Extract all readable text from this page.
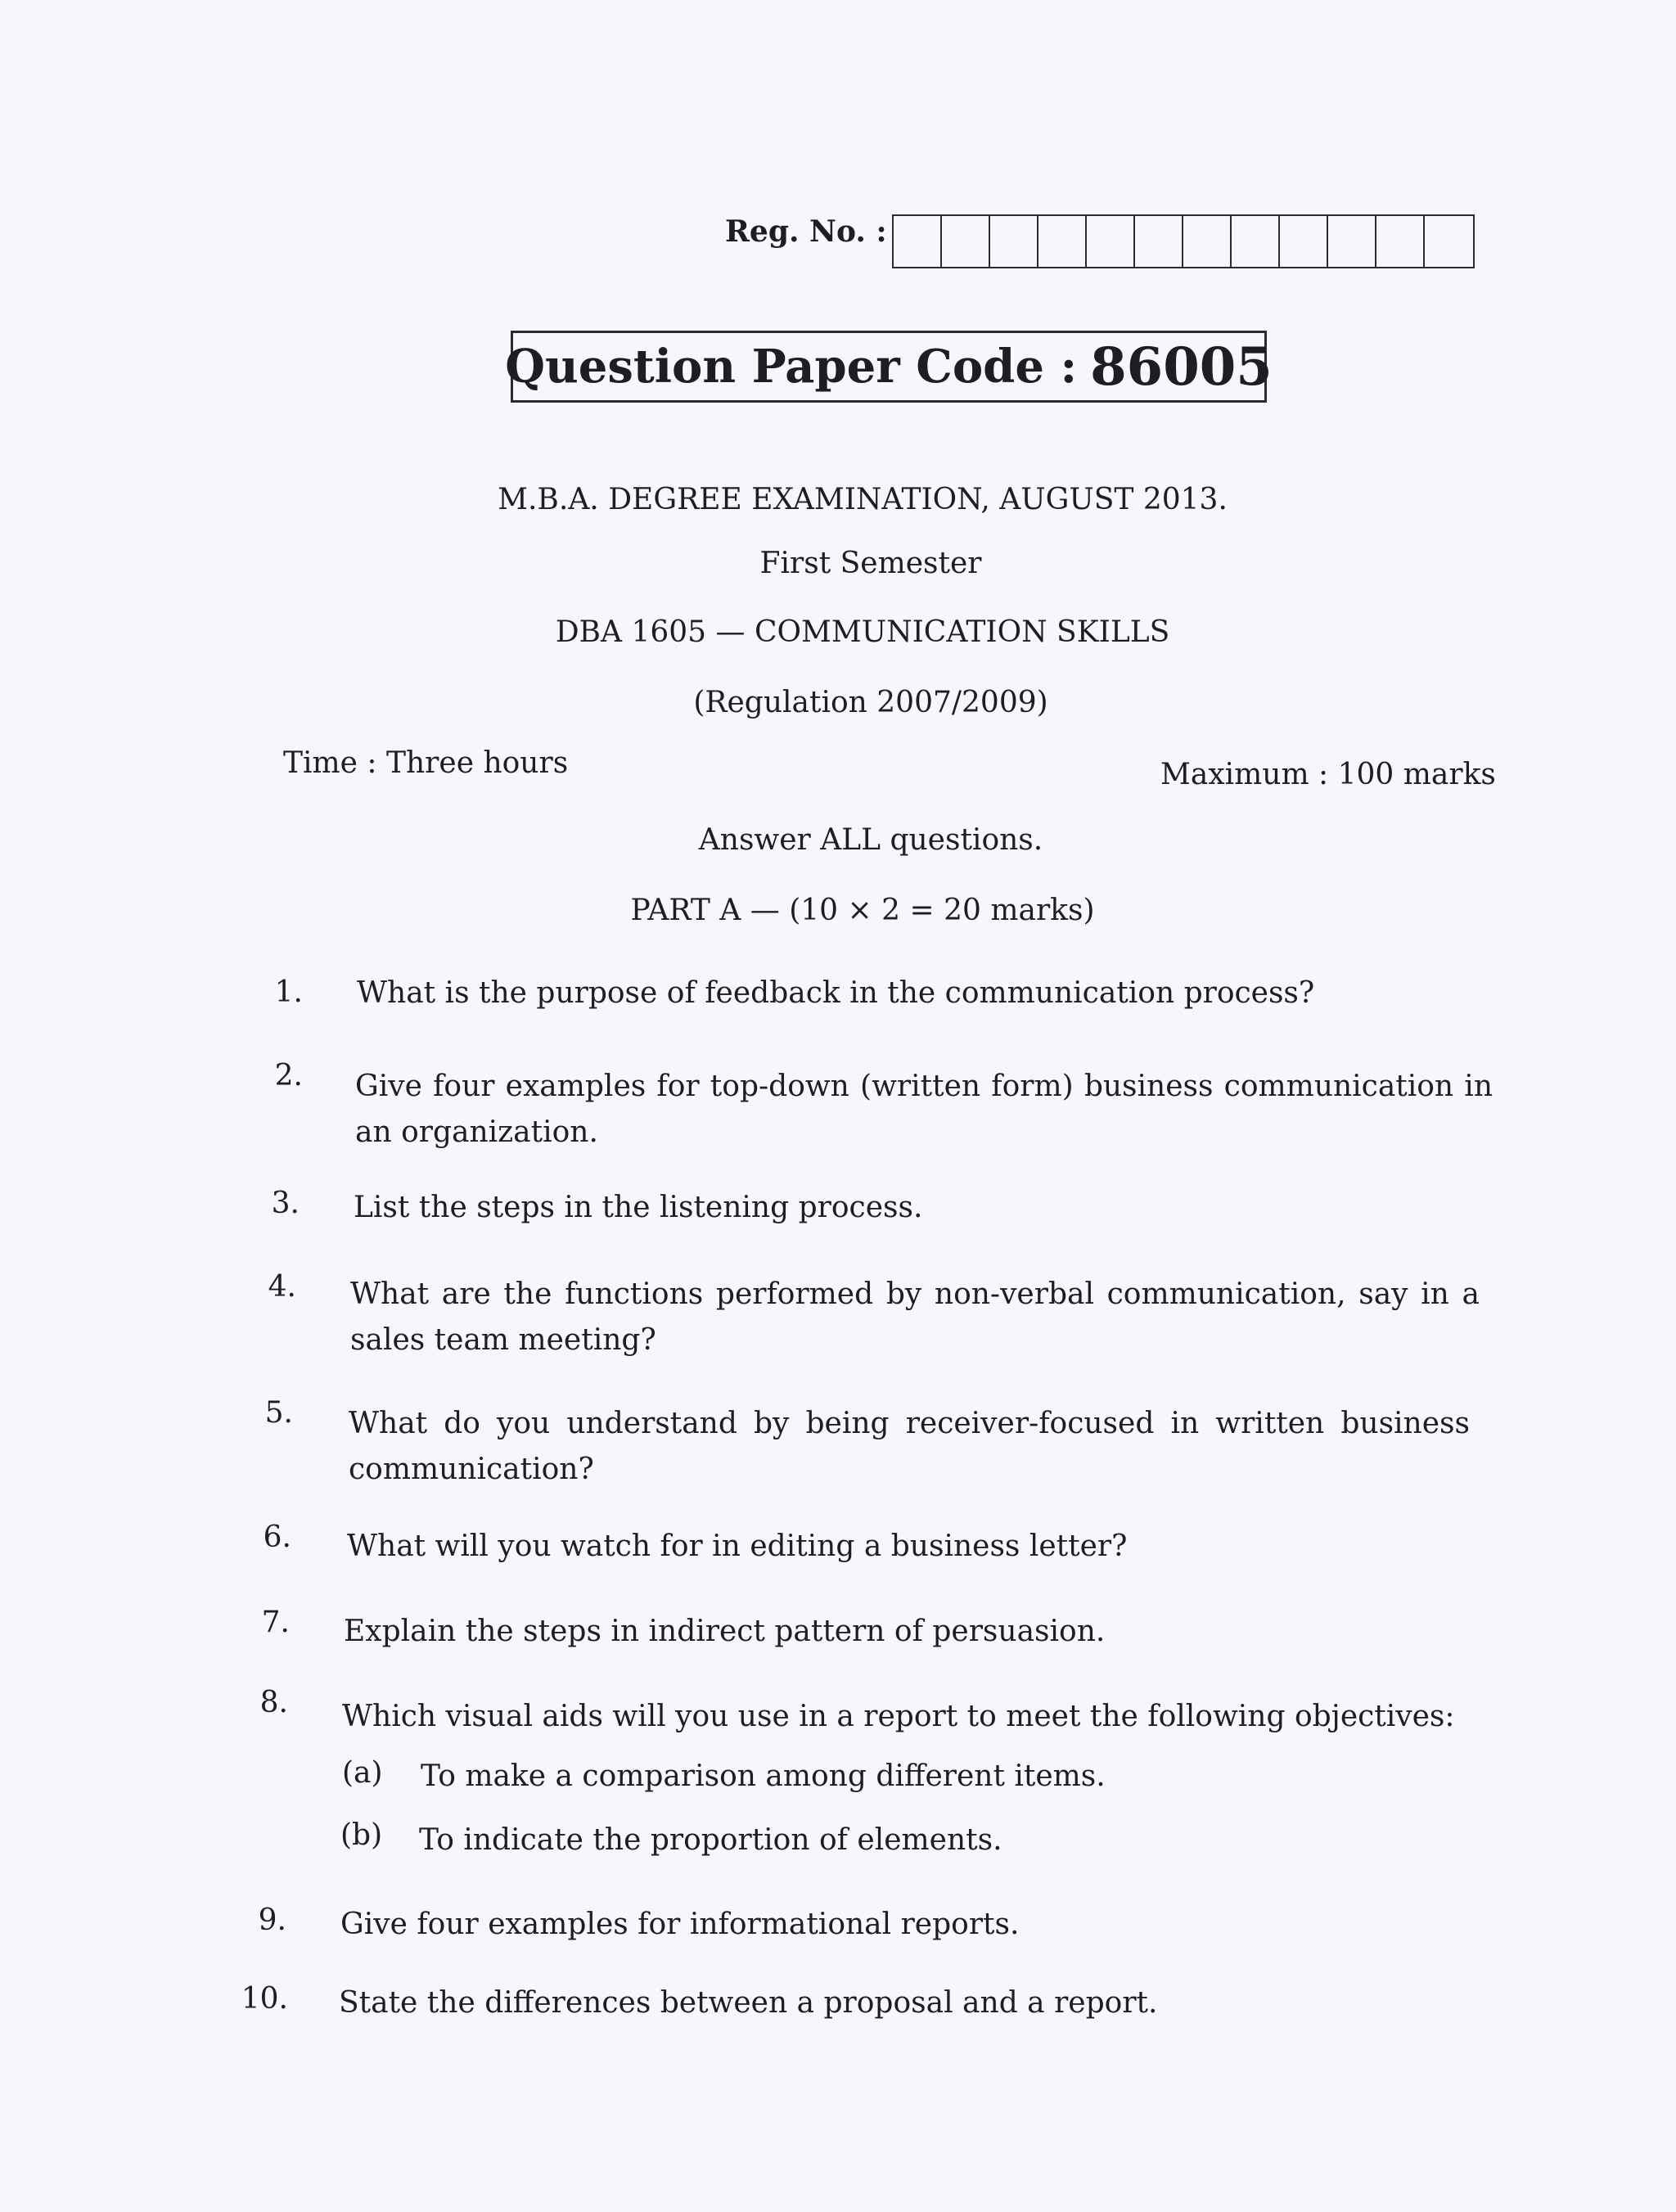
Reg. No. :
Question Paper Code : 86005
M.B.A. DEGREE EXAMINATION, AUGUST 2013.
First Semester
DBA 1605 — COMMUNICATION SKILLS
(Regulation 2007/2009)
Time : Three hours	Maximum : 100 marks
Answer ALL questions.
PART A — (10 × 2 = 20 marks)
1. What is the purpose of feedback in the communication process?
2. Give four examples for top-down (written form) business communication in an organization.
3. List the steps in the listening process.
4. What are the functions performed by non-verbal communication, say in a sales team meeting?
5. What do you understand by being receiver-focused in written business communication?
6. What will you watch for in editing a business letter?
7. Explain the steps in indirect pattern of persuasion.
8. Which visual aids will you use in a report to meet the following objectives:
(a) To make a comparison among different items.
(b) To indicate the proportion of elements.
9. Give four examples for informational reports.
10. State the differences between a proposal and a report.
